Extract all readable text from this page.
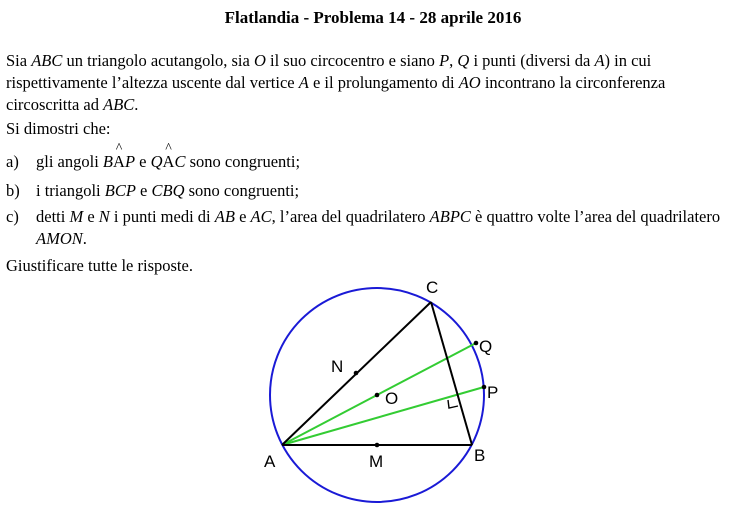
Flatlandia - Problema 14 - 28 aprile 2016
Sia ABC un triangolo acutangolo, sia O il suo circocentro e siano P, Q i punti (diversi da A) in cui rispettivamente l’altezza uscente dal vertice A e il prolungamento di AO incontrano la circonferenza circoscritta ad ABC.
Si dimostri che:
a)	gli angoli B^ AP e Q^ AC sono congruenti;
b) i triangoli BCP e CBQ sono congruenti;
c)	detti M e N i punti medi di AB e AC, l’area del quadrilatero ABPC è quattro volte l’area del quadrilatero AMON.
Giustificare tutte le risposte.
A	B
C
P
Q
O
M
N
